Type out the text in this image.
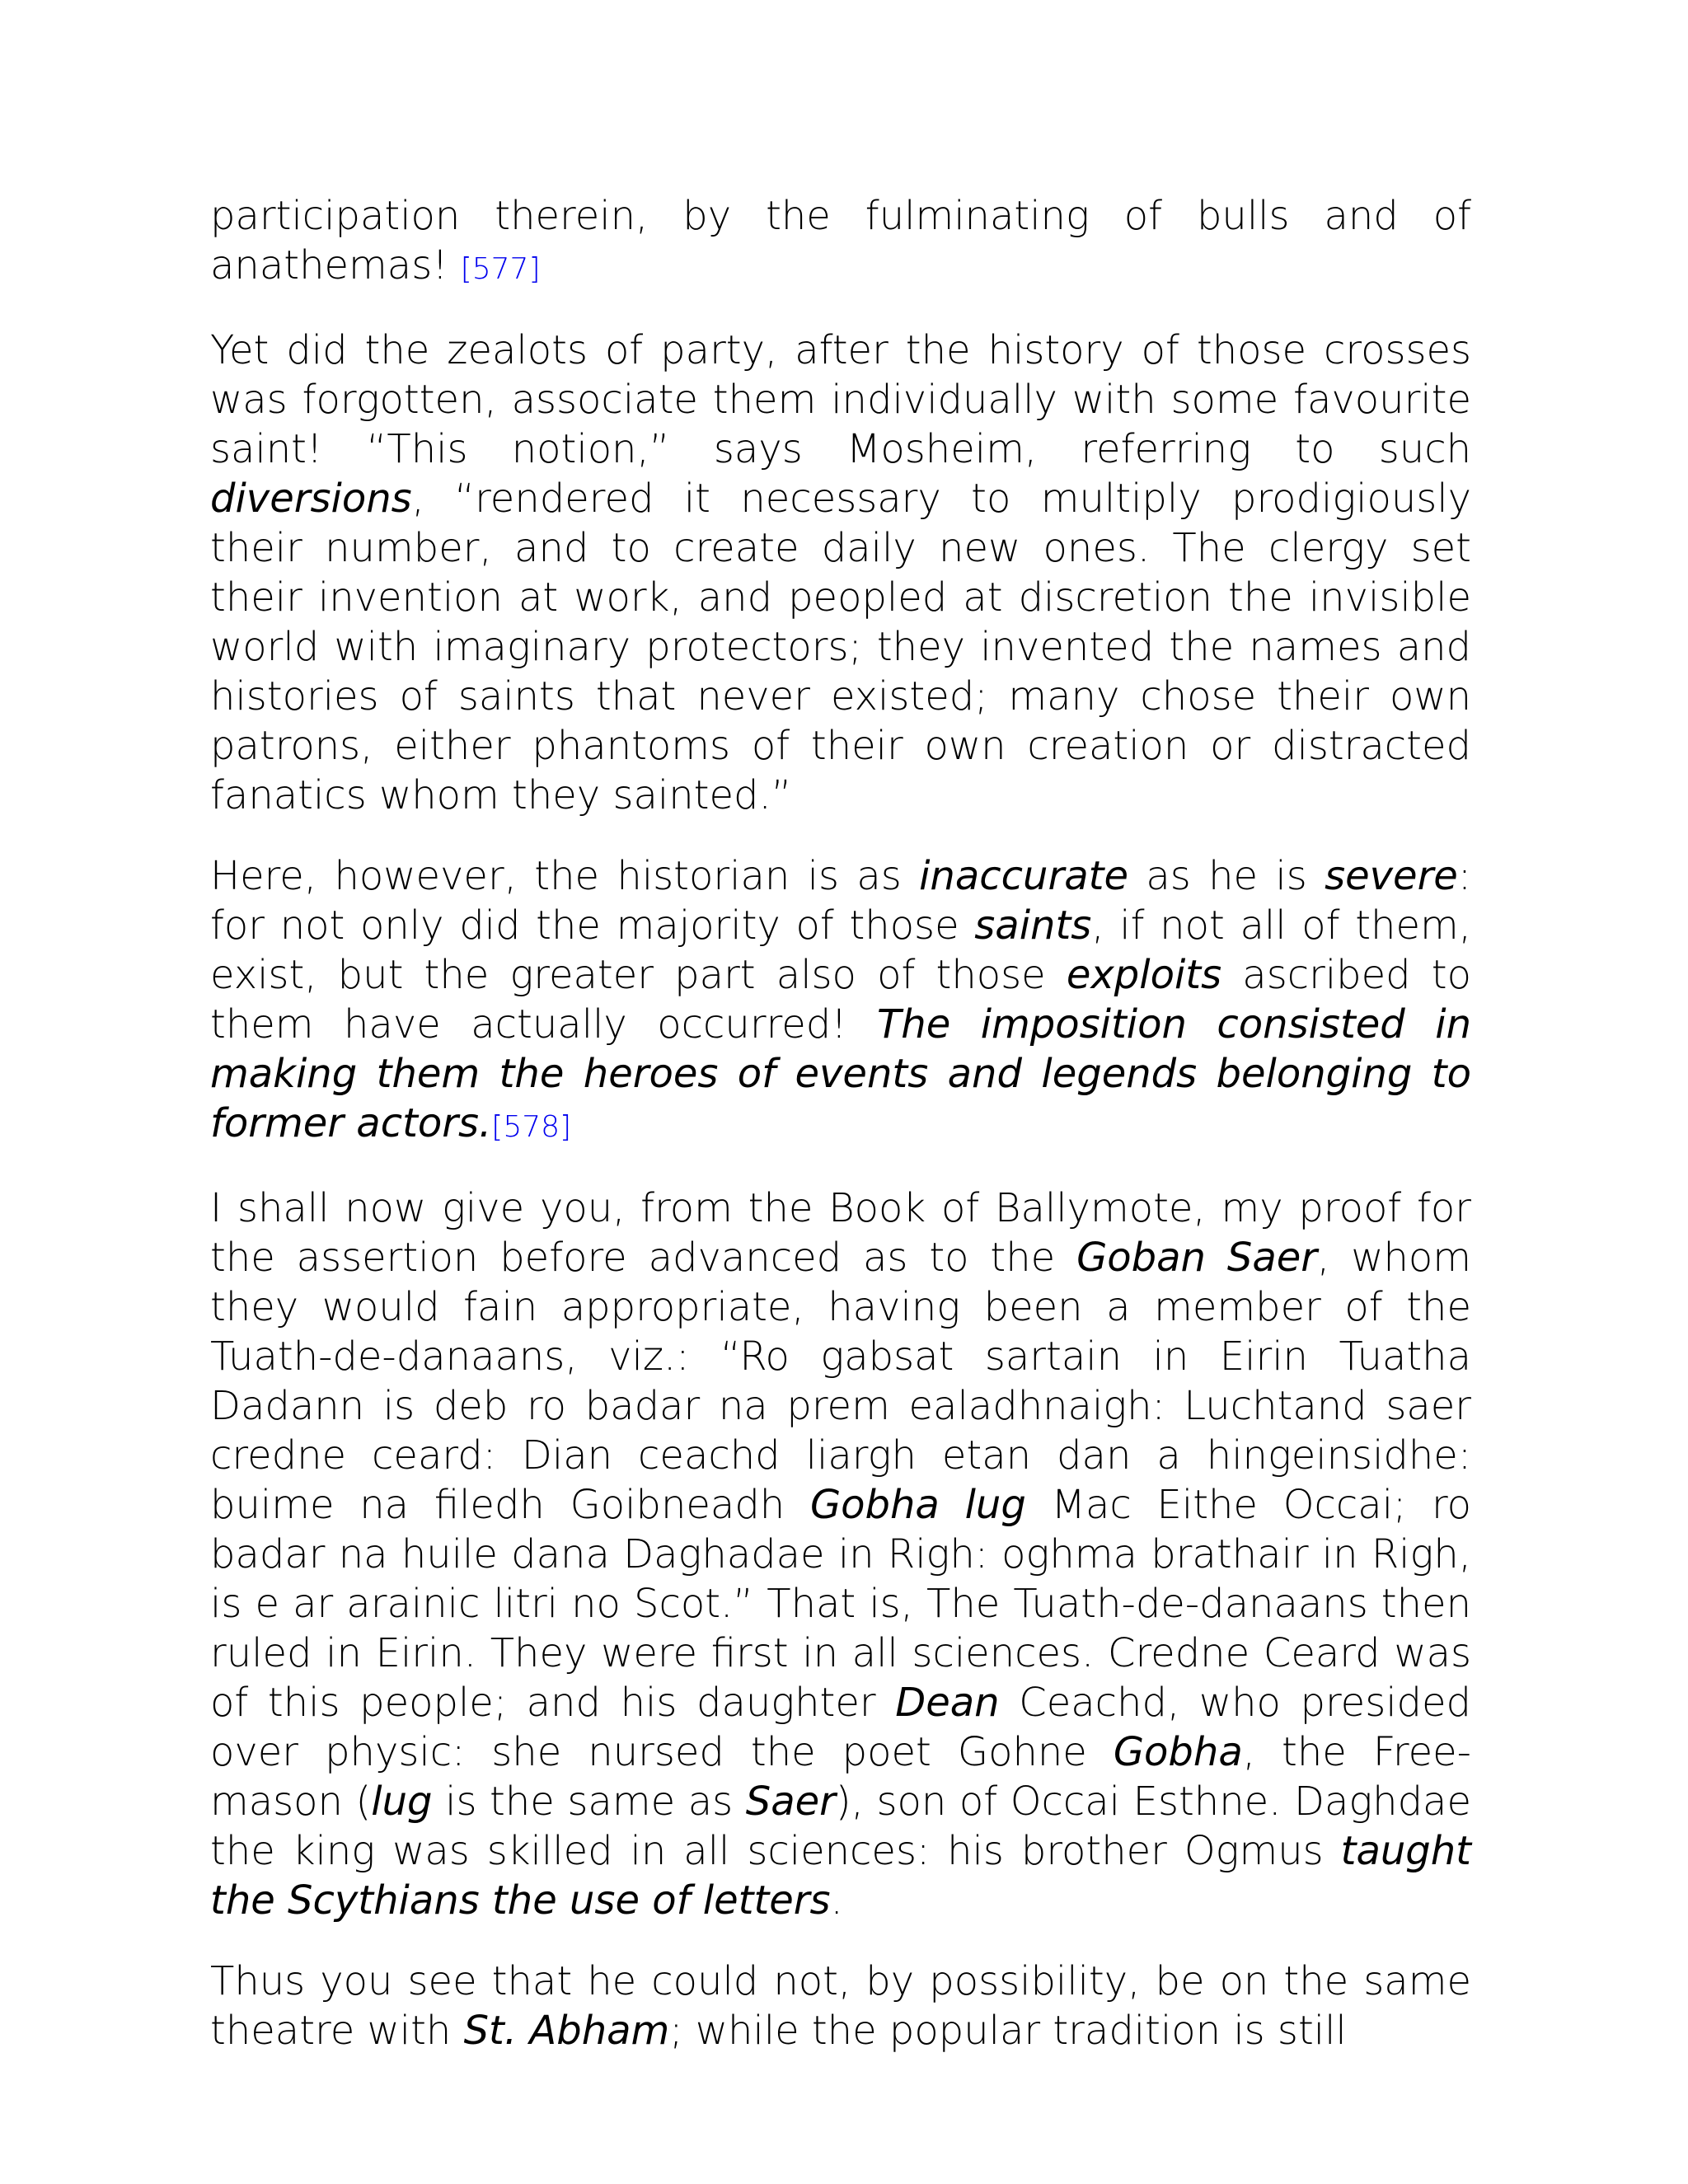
participation therein, by the fulminating of bulls and of anathemas! [577]

Yet did the zealots of party, after the history of those crosses was forgotten, associate them individually with some favourite saint! “This notion,” says Mosheim, referring to such diversions, “rendered it necessary to multiply prodigiously their number, and to create daily new ones. The clergy set their invention at work, and peopled at discretion the invisible world with imaginary protectors; they invented the names and histories of saints that never existed; many chose their own patrons, either phantoms of their own creation or distracted fanatics whom they sainted.”

Here, however, the historian is as inaccurate as he is severe: for not only did the majority of those saints, if not all of them, exist, but the greater part also of those exploits ascribed to them have actually occurred! The imposition consisted in making them the heroes of events and legends belonging to former actors.[578]

I shall now give you, from the Book of Ballymote, my proof for the assertion before advanced as to the Goban Saer, whom they would fain appropriate, having been a member of the Tuath-de-danaans, viz.: “Ro gabsat sartain in Eirin Tuatha Dadann is deb ro badar na prem ealadhnaigh: Luchtand saer credne ceard: Dian ceachd liargh etan dan a hingeinsidhe: buime na filedh Goibneadh Gobha lug Mac Eithe Occai; ro badar na huile dana Daghadae in Righ: oghma brathair in Righ, is e ar arainic litri no Scot.” That is, The Tuath-de-danaans then ruled in Eirin. They were first in all sciences. Credne Ceard was of this people; and his daughter Dean Ceachd, who presided over physic: she nursed the poet Gohne Gobha, the Free-mason (lug is the same as Saer), son of Occai Esthne. Daghdae the king was skilled in all sciences: his brother Ogmus taught the Scythians the use of letters.

Thus you see that he could not, by possibility, be on the same theatre with St. Abham; while the popular tradition is still
